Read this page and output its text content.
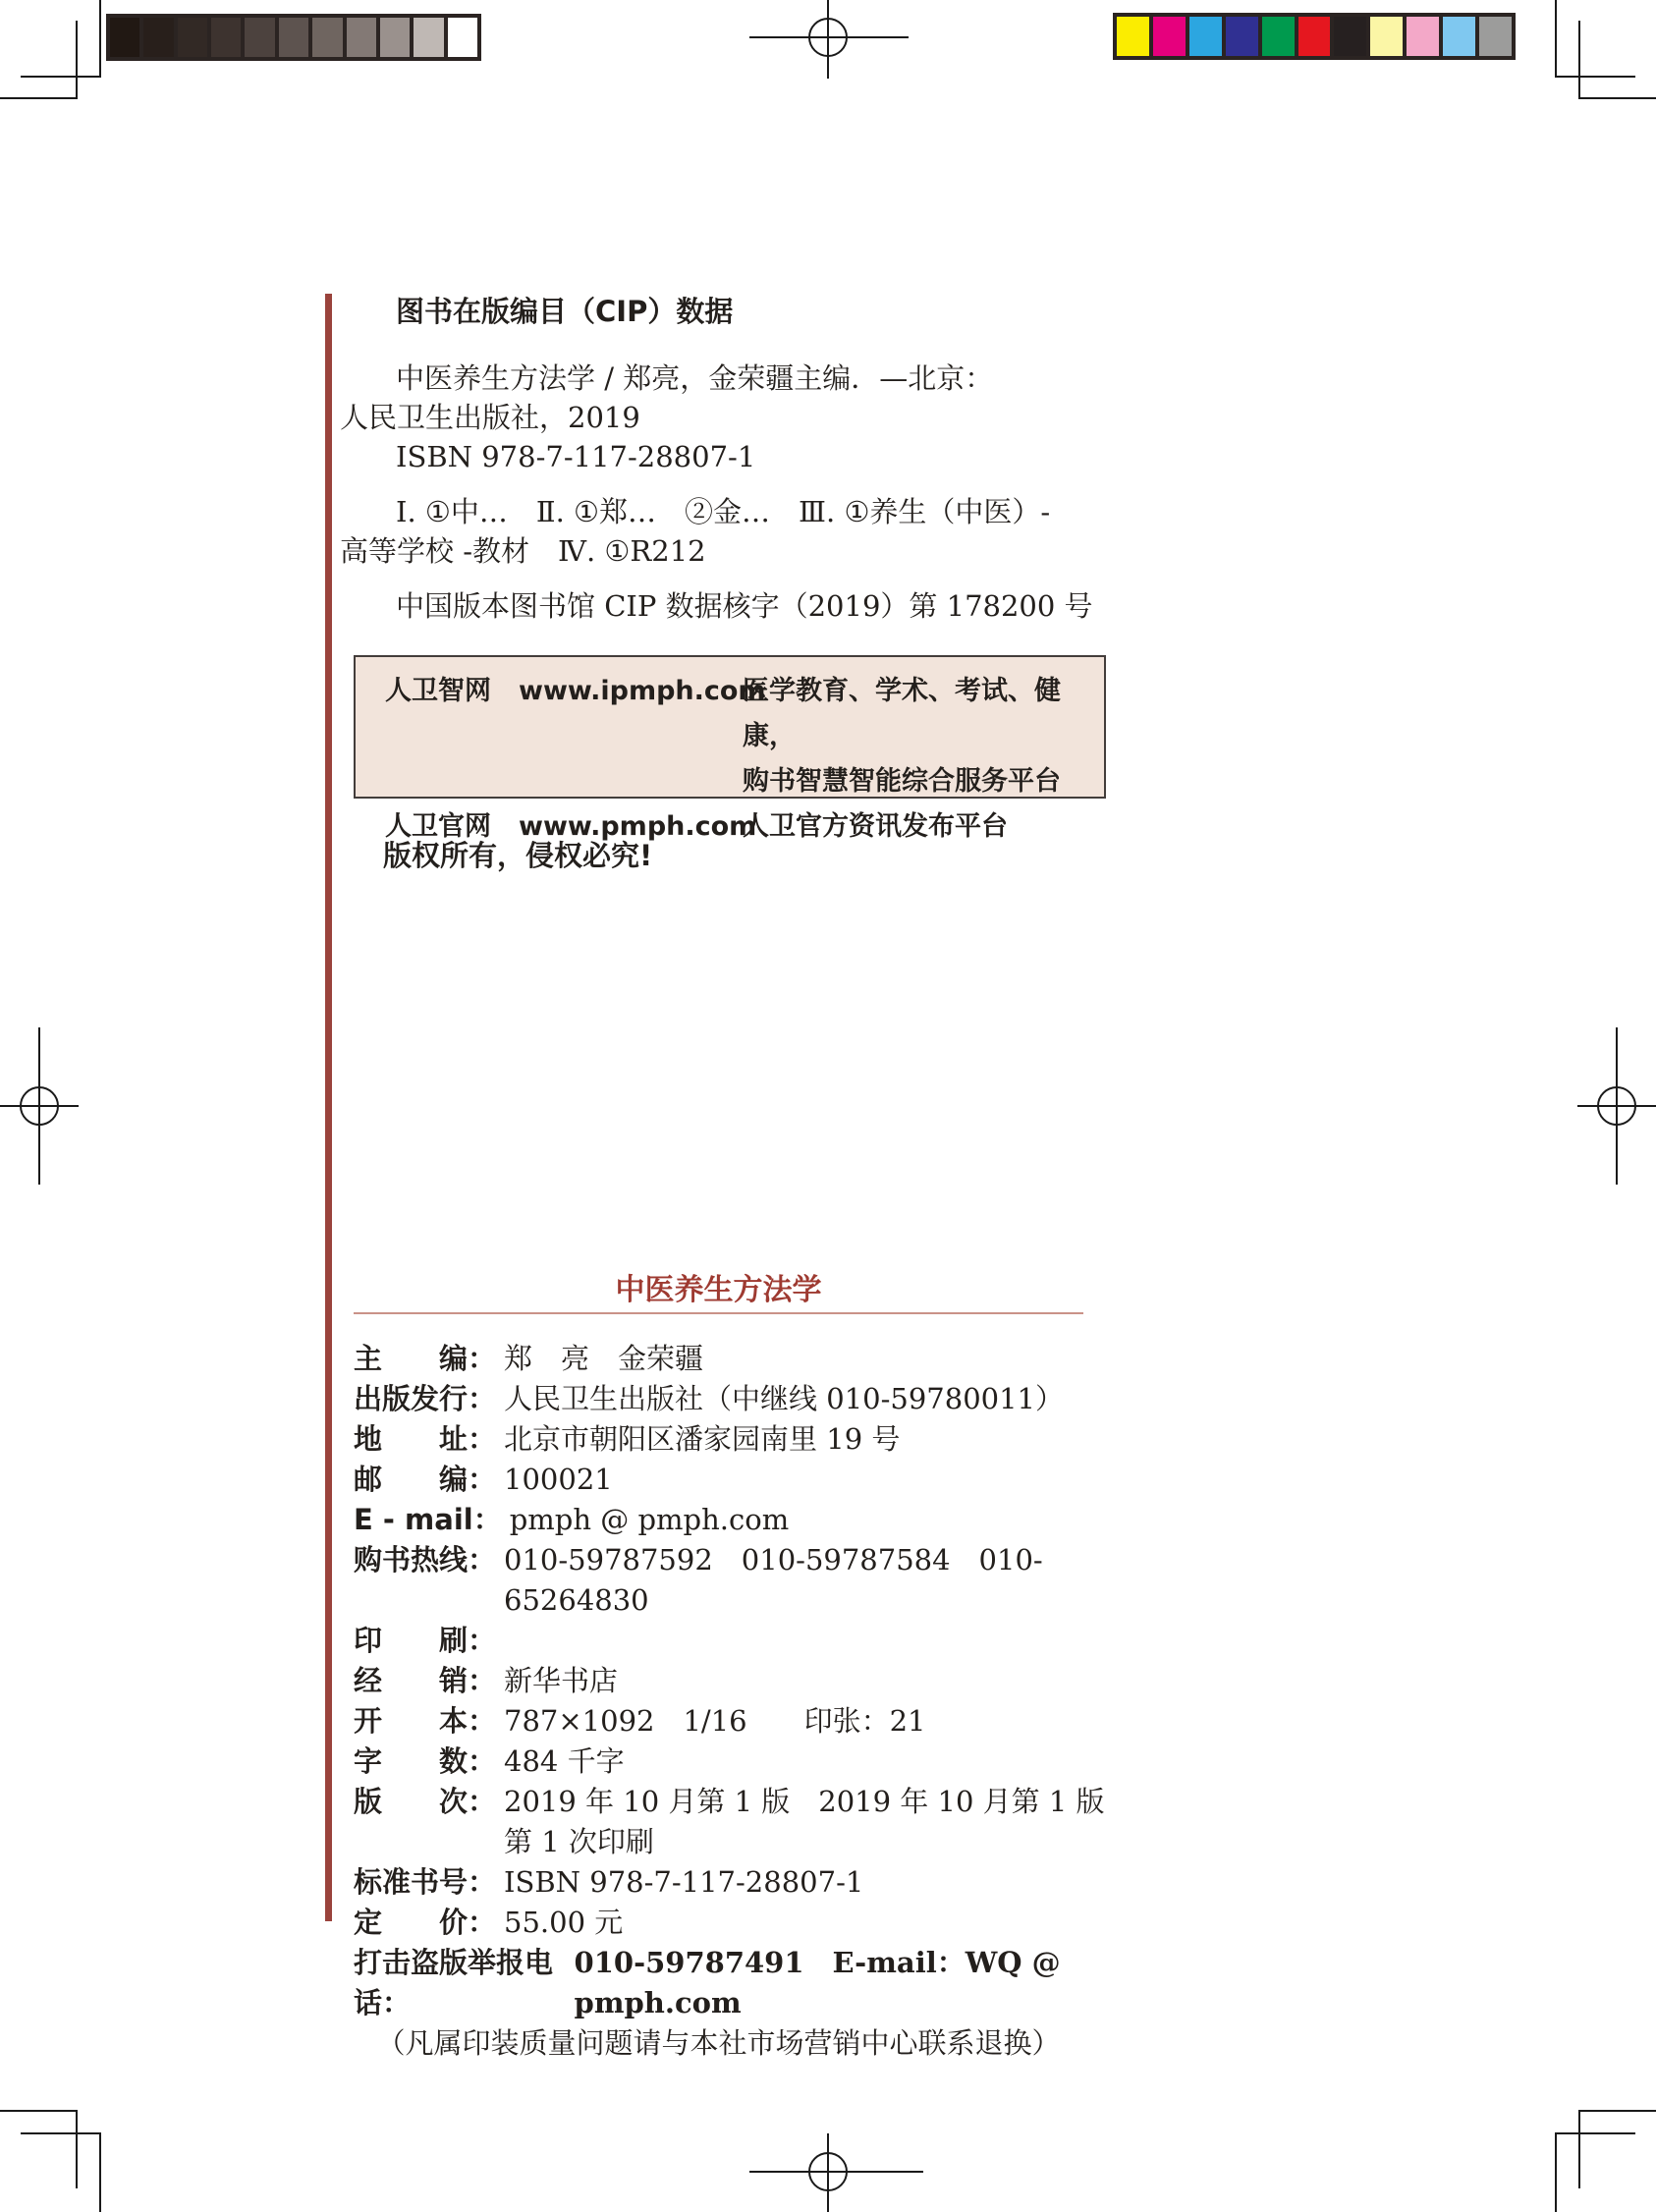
图书在版编目（CIP）数据

中医养生方法学 / 郑亮，金荣疆主编．—北京：

人民卫生出版社，2019

ISBN 978-7-117-28807-1

Ⅰ. ①中…　Ⅱ. ①郑…　②金…　Ⅲ. ①养生（中医）-

高等学校 -教材　Ⅳ. ①R212

中国版本图书馆 CIP 数据核字（2019）第 178200 号

人卫智网	www.ipmph.com
医学教育、学术、考试、健康，
购书智慧智能综合服务平台
人卫官网	www.pmph.com
人卫官方资讯发布平台
版权所有，侵权必究!
中医养生方法学
主　　编 ： 郑　亮　金荣疆
出版发行 ： 人民卫生出版社（中继线 010-59780011）
地　　址 ： 北京市朝阳区潘家园南里 19 号
邮　　编 ： 100021
E - mail ： pmph @ pmph.com
购书热线 ： 010-59787592　010-59787584　010-65264830
印　　刷 ：
经　　销 ： 新华书店
开　　本 ： 787×1092　1/16　　印张：21
字　　数 ： 484 千字
版　　次 ： 2019 年 10 月第 1 版　2019 年 10 月第 1 版第 1 次印刷
标准书号 ： ISBN 978-7-117-28807-1
定　　价 ： 55.00 元
打击盗版举报电话：
010-59787491　E-mail：WQ @ pmph.com
（凡属印装质量问题请与本社市场营销中心联系退换）
